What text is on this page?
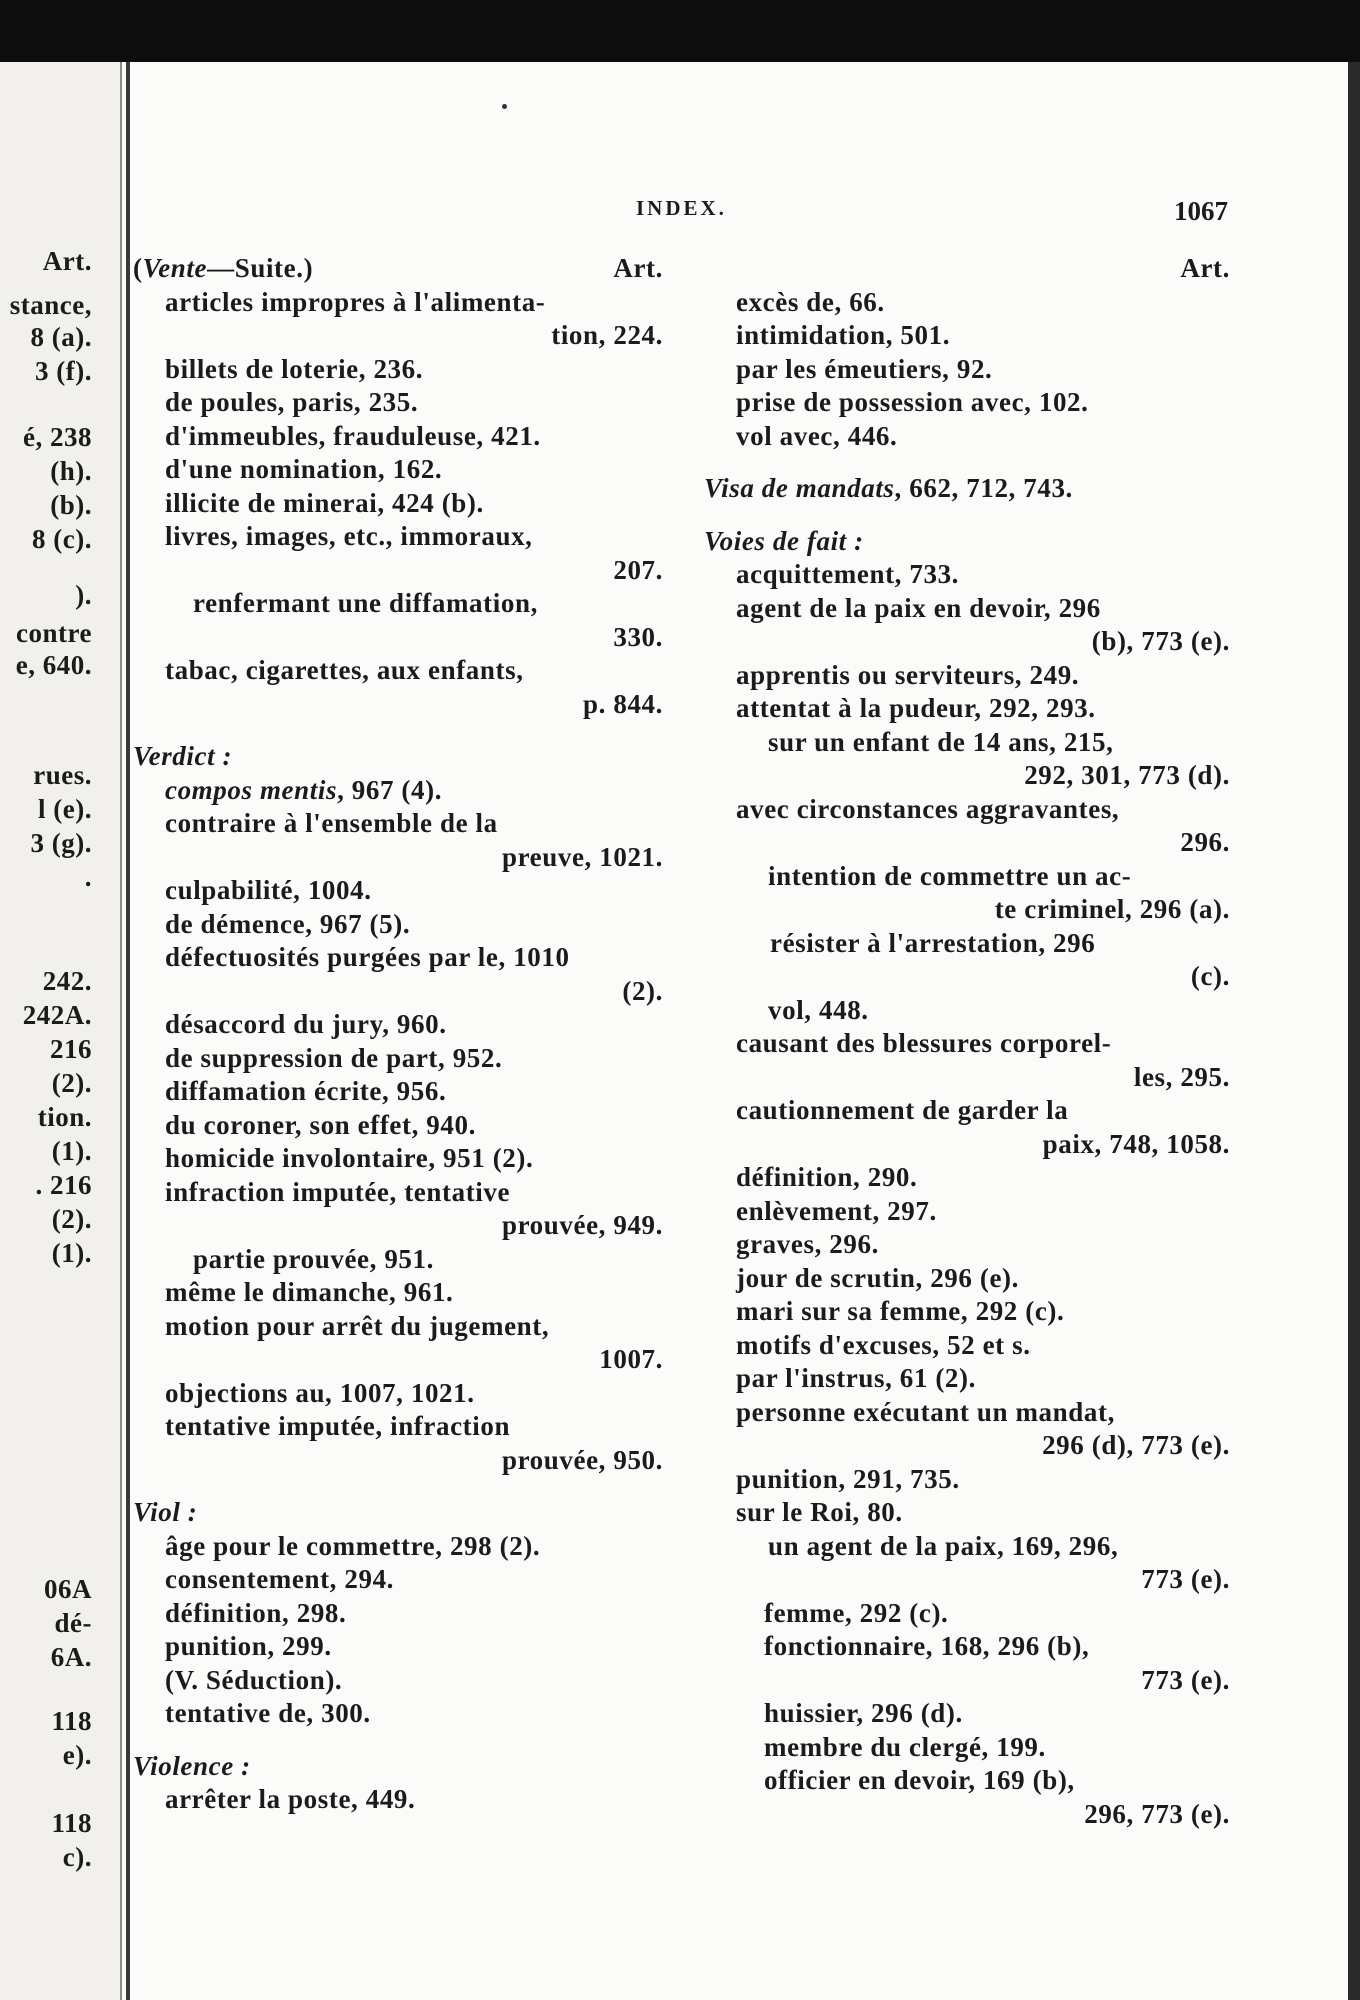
Art.
stance,
8 (a).
3 (f).
é, 238
(h).
(b).
8 (c).
).
contre
e, 640.
rues.
l (e).
3 (g).
.
242.
242A.
216
(2).
tion.
(1).
. 216
(2).
(1).
06A
dé-
6A.
118
e).
118
c).
INDEX.	1067
(Vente—Suite.)	Art.
articles impropres à l'alimenta-
tion, 224.
billets de loterie, 236.
de poules, paris, 235.
d'immeubles, frauduleuse, 421.
d'une nomination, 162.
illicite de minerai, 424 (b).
livres, images, etc., immoraux,
207.
renfermant une diffamation,
330.
tabac, cigarettes, aux enfants,
p. 844.
Verdict :
compos mentis, 967 (4).
contraire à l'ensemble de la
preuve, 1021.
culpabilité, 1004.
de démence, 967 (5).
défectuosités purgées par le, 1010
(2).
désaccord du jury, 960.
de suppression de part, 952.
diffamation écrite, 956.
du coroner, son effet, 940.
homicide involontaire, 951 (2).
infraction imputée, tentative
prouvée, 949.
partie prouvée, 951.
même le dimanche, 961.
motion pour arrêt du jugement,
1007.
objections au, 1007, 1021.
tentative imputée, infraction
prouvée, 950.
Viol :
âge pour le commettre, 298 (2).
consentement, 294.
définition, 298.
punition, 299.
(V. Séduction).
tentative de, 300.
Violence :
arrêter la poste, 449.
Art.
excès de, 66.
intimidation, 501.
par les émeutiers, 92.
prise de possession avec, 102.
vol avec, 446.
Visa de mandats, 662, 712, 743.
Voies de fait :
acquittement, 733.
agent de la paix en devoir, 296
(b), 773 (e).
apprentis ou serviteurs, 249.
attentat à la pudeur, 292, 293.
sur un enfant de 14 ans, 215,
292, 301, 773 (d).
avec circonstances aggravantes,
296.
intention de commettre un ac-
te criminel, 296 (a).
résister à l'arrestation, 296
(c).
vol, 448.
causant des blessures corporel-
les, 295.
cautionnement de garder la
paix, 748, 1058.
définition, 290.
enlèvement, 297.
graves, 296.
jour de scrutin, 296 (e).
mari sur sa femme, 292 (c).
motifs d'excuses, 52 et s.
par l'instrus, 61 (2).
personne exécutant un mandat,
296 (d), 773 (e).
punition, 291, 735.
sur le Roi, 80.
un agent de la paix, 169, 296,
773 (e).
femme, 292 (c).
fonctionnaire, 168, 296 (b),
773 (e).
huissier, 296 (d).
membre du clergé, 199.
officier en devoir, 169 (b),
296, 773 (e).
